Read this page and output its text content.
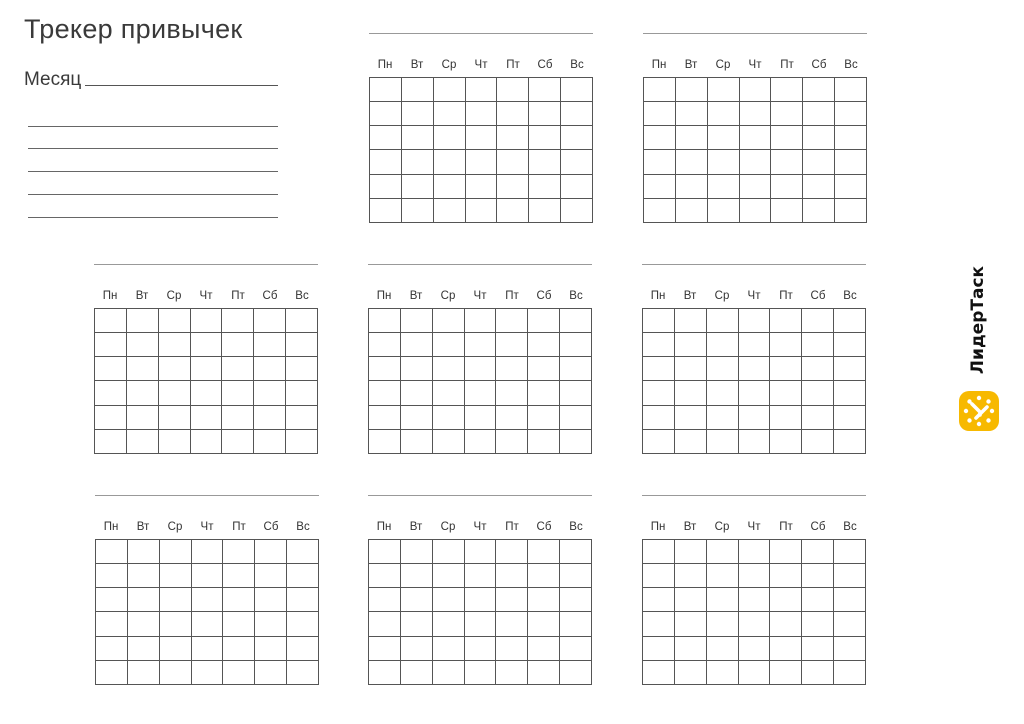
Трекер привычек
Месяц
Пн	Вт	Ср	Чт	Пт	Сб	Вс	Пн	Вт	Ср	Чт	Пт	Сб	Вс
Пн	Вт	Ср	Чт	Пт	Сб	Вс	Пн	Вт	Ср	Чт	Пт	Сб	Вс	Пн	Вт	Ср	Чт	Пт	Сб	Вс
Пн	Вт	Ср	Чт	Пт	Сб	Вс	Пн	Вт	Ср	Чт	Пт	Сб	Вс	Пн	Вт	Ср	Чт	Пт	Сб	Вс
ЛидерТаск
